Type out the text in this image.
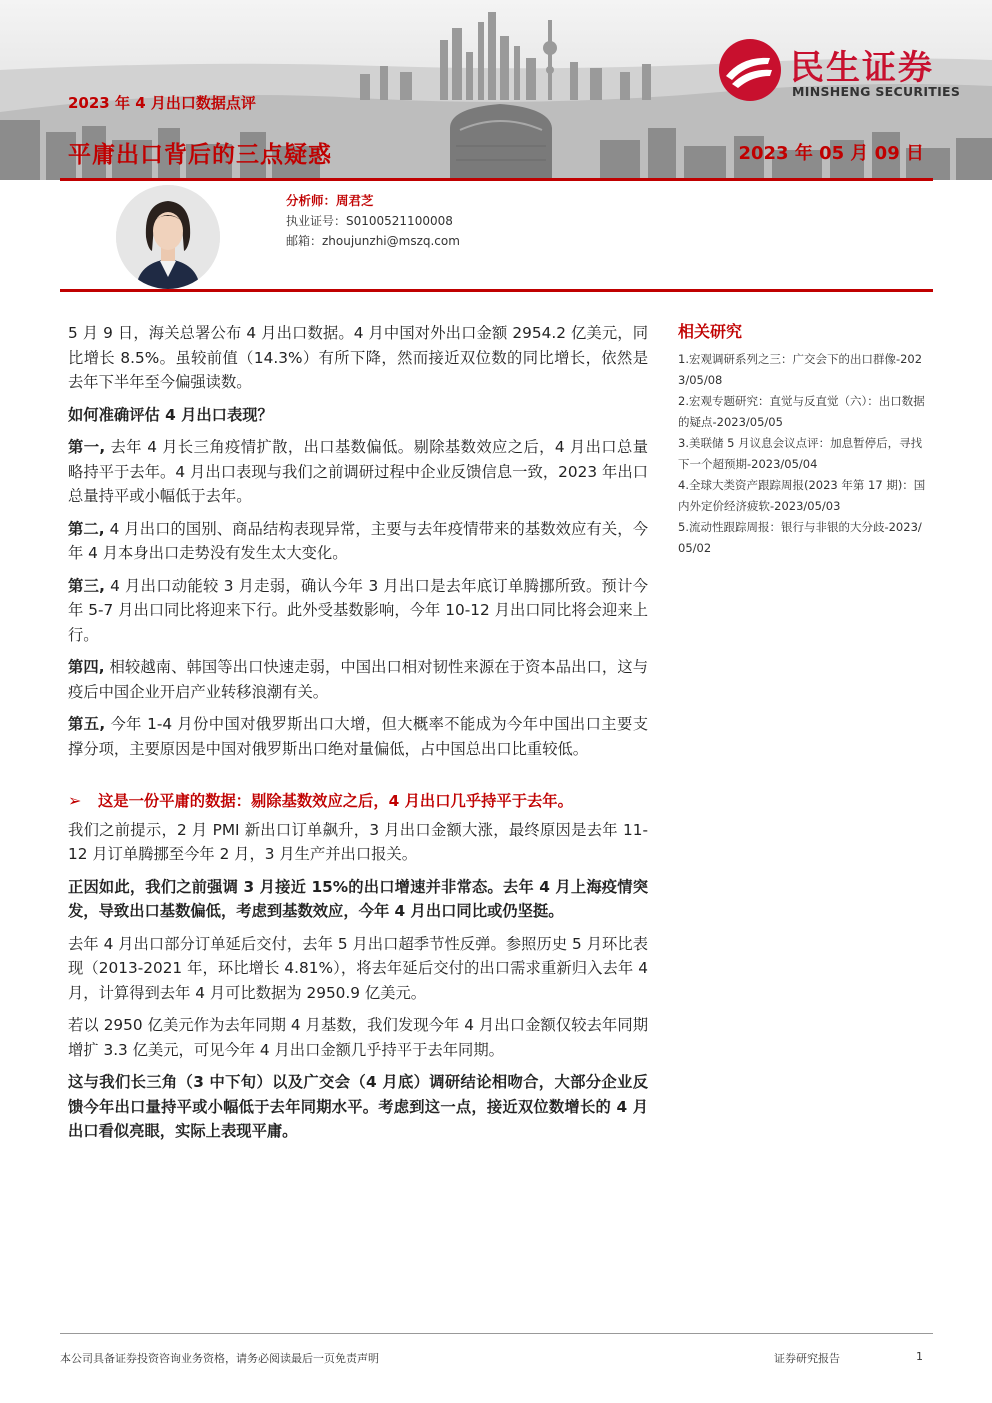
2023 年 4 月出口数据点评
平庸出口背后的三点疑惑	2023 年 05 月 09 日
民生证券
MINSHENG SECURITIES
分析师：周君芝
执业证号：S0100521100008
邮箱：zhoujunzhi@mszq.com

5 月 9 日，海关总署公布 4 月出口数据。4 月中国对外出口金额 2954.2 亿美元，同比增长 8.5%。虽较前值（14.3%）有所下降，然而接近双位数的同比增长，依然是去年下半年至今偏强读数。

如何准确评估 4 月出口表现？

第一, 去年 4 月长三角疫情扩散，出口基数偏低。剔除基数效应之后，4 月出口总量略持平于去年。4 月出口表现与我们之前调研过程中企业反馈信息一致，2023 年出口总量持平或小幅低于去年。

第二, 4 月出口的国别、商品结构表现异常，主要与去年疫情带来的基数效应有关，今年 4 月本身出口走势没有发生太大变化。

第三, 4 月出口动能较 3 月走弱，确认今年 3 月出口是去年底订单腾挪所致。预计今年 5-7 月出口同比将迎来下行。此外受基数影响，今年 10-12 月出口同比将会迎来上行。

第四, 相较越南、韩国等出口快速走弱，中国出口相对韧性来源在于资本品出口，这与疫后中国企业开启产业转移浪潮有关。

第五, 今年 1-4 月份中国对俄罗斯出口大增，但大概率不能成为今年中国出口主要支撑分项，主要原因是中国对俄罗斯出口绝对量偏低，占中国总出口比重较低。

➢	这是一份平庸的数据：剔除基数效应之后，4 月出口几乎持平于去年。

我们之前提示，2 月 PMI 新出口订单飙升，3 月出口金额大涨，最终原因是去年 11-12 月订单腾挪至今年 2 月，3 月生产并出口报关。

正因如此，我们之前强调 3 月接近 15%的出口增速并非常态。去年 4 月上海疫情突发，导致出口基数偏低，考虑到基数效应，今年 4 月出口同比或仍坚挺。

去年 4 月出口部分订单延后交付，去年 5 月出口超季节性反弹。参照历史 5 月环比表现（2013-2021 年，环比增长 4.81%），将去年延后交付的出口需求重新归入去年 4 月，计算得到去年 4 月可比数据为 2950.9 亿美元。

若以 2950 亿美元作为去年同期 4 月基数，我们发现今年 4 月出口金额仅较去年同期增扩 3.3 亿美元，可见今年 4 月出口金额几乎持平于去年同期。

这与我们长三角（3 中下旬）以及广交会（4 月底）调研结论相吻合，大部分企业反馈今年出口量持平或小幅低于去年同期水平。考虑到这一点，接近双位数增长的 4 月出口看似亮眼，实际上表现平庸。

相关研究

1.宏观调研系列之三：广交会下的出口群像-2023/05/08

2.宏观专题研究：直觉与反直觉（六）：出口数据的疑点-2023/05/05

3.美联储 5 月议息会议点评：加息暂停后，寻找下一个超预期-2023/05/04

4.全球大类资产跟踪周报(2023 年第 17 期)：国内外定价经济疲软-2023/05/03

5.流动性跟踪周报：银行与非银的大分歧-2023/05/02

本公司具备证券投资咨询业务资格，请务必阅读最后一页免责声明	证券研究报告	1
